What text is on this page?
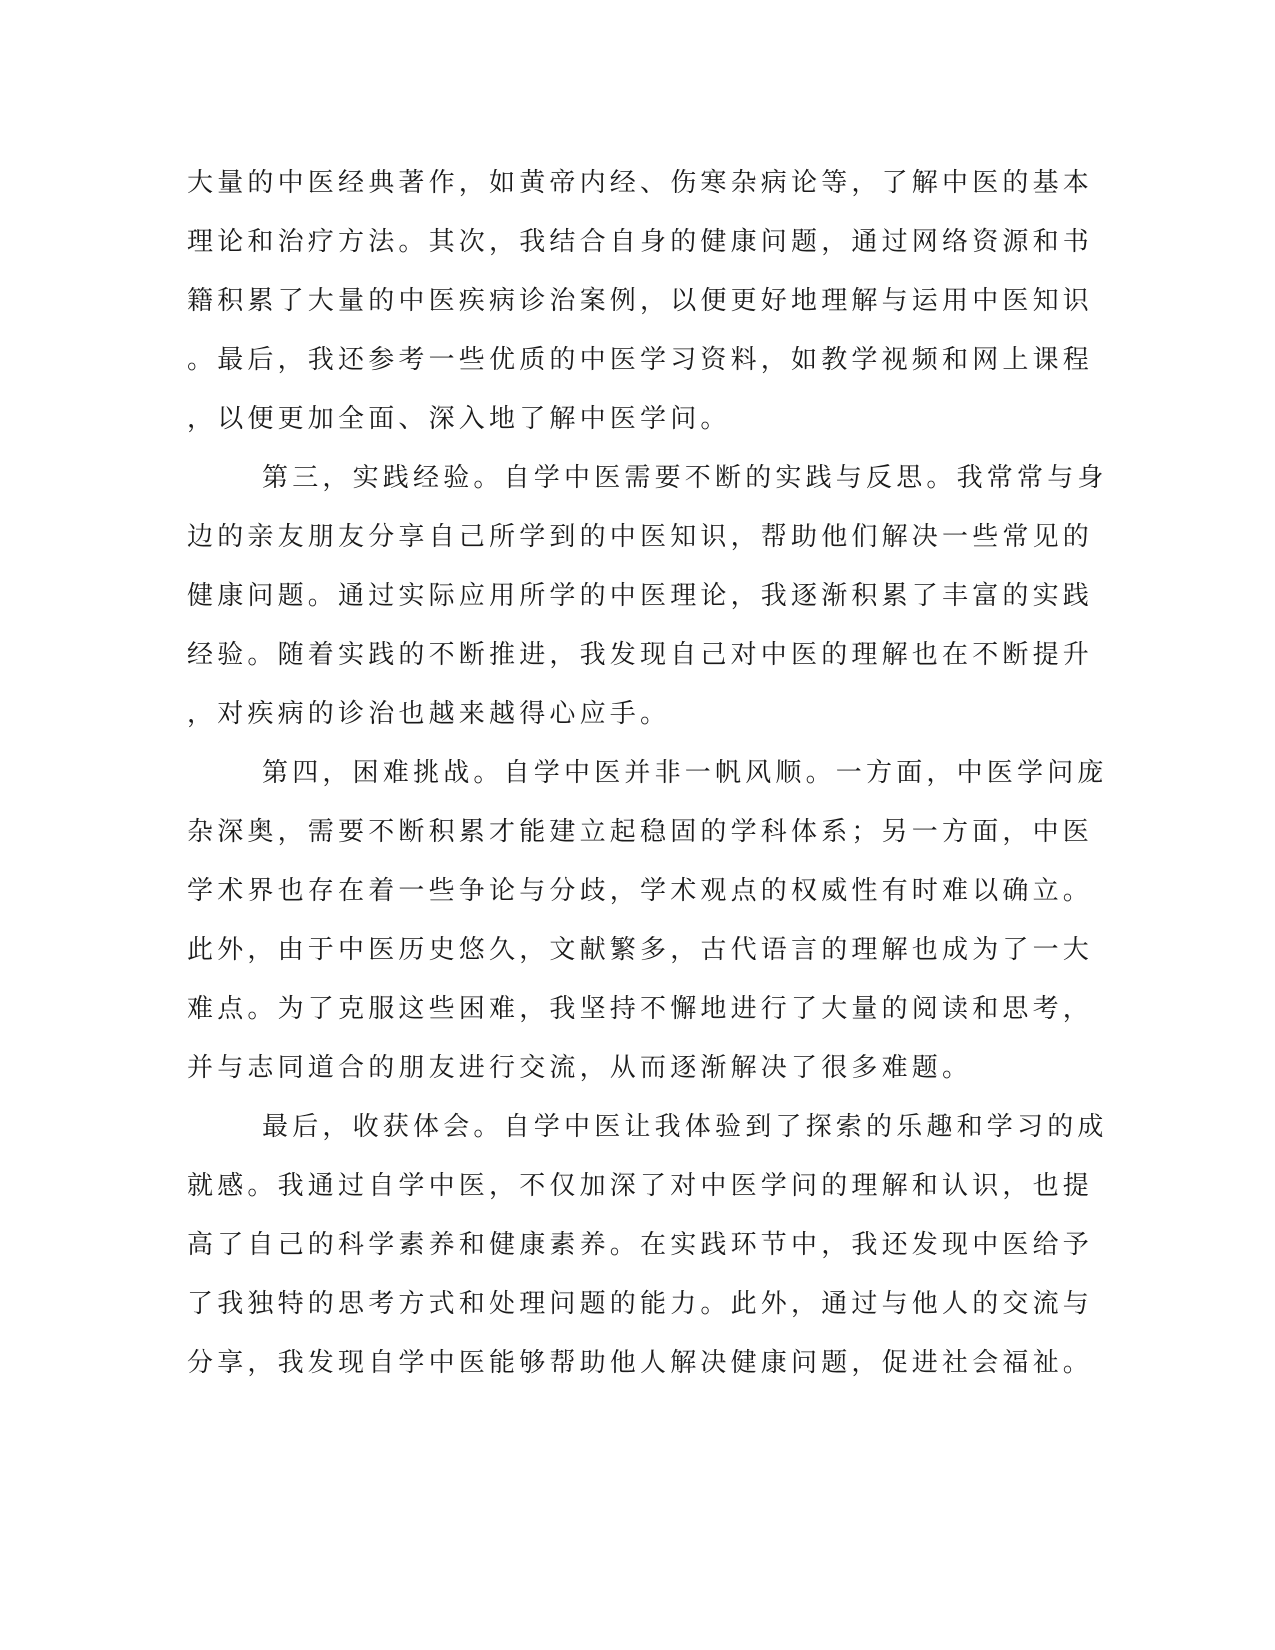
大量的中医经典著作，如黄帝内经、伤寒杂病论等，了解中医的基本
理论和治疗方法。其次，我结合自身的健康问题，通过网络资源和书
籍积累了大量的中医疾病诊治案例，以便更好地理解与运用中医知识
。最后，我还参考一些优质的中医学习资料，如教学视频和网上课程
，以便更加全面、深入地了解中医学问。
第三，实践经验。自学中医需要不断的实践与反思。我常常与身
边的亲友朋友分享自己所学到的中医知识，帮助他们解决一些常见的
健康问题。通过实际应用所学的中医理论，我逐渐积累了丰富的实践
经验。随着实践的不断推进，我发现自己对中医的理解也在不断提升
，对疾病的诊治也越来越得心应手。
第四，困难挑战。自学中医并非一帆风顺。一方面，中医学问庞
杂深奥，需要不断积累才能建立起稳固的学科体系；另一方面，中医
学术界也存在着一些争论与分歧，学术观点的权威性有时难以确立。
此外，由于中医历史悠久，文献繁多，古代语言的理解也成为了一大
难点。为了克服这些困难，我坚持不懈地进行了大量的阅读和思考，
并与志同道合的朋友进行交流，从而逐渐解决了很多难题。
最后，收获体会。自学中医让我体验到了探索的乐趣和学习的成
就感。我通过自学中医，不仅加深了对中医学问的理解和认识，也提
高了自己的科学素养和健康素养。在实践环节中，我还发现中医给予
了我独特的思考方式和处理问题的能力。此外，通过与他人的交流与
分享，我发现自学中医能够帮助他人解决健康问题，促进社会福祉。
